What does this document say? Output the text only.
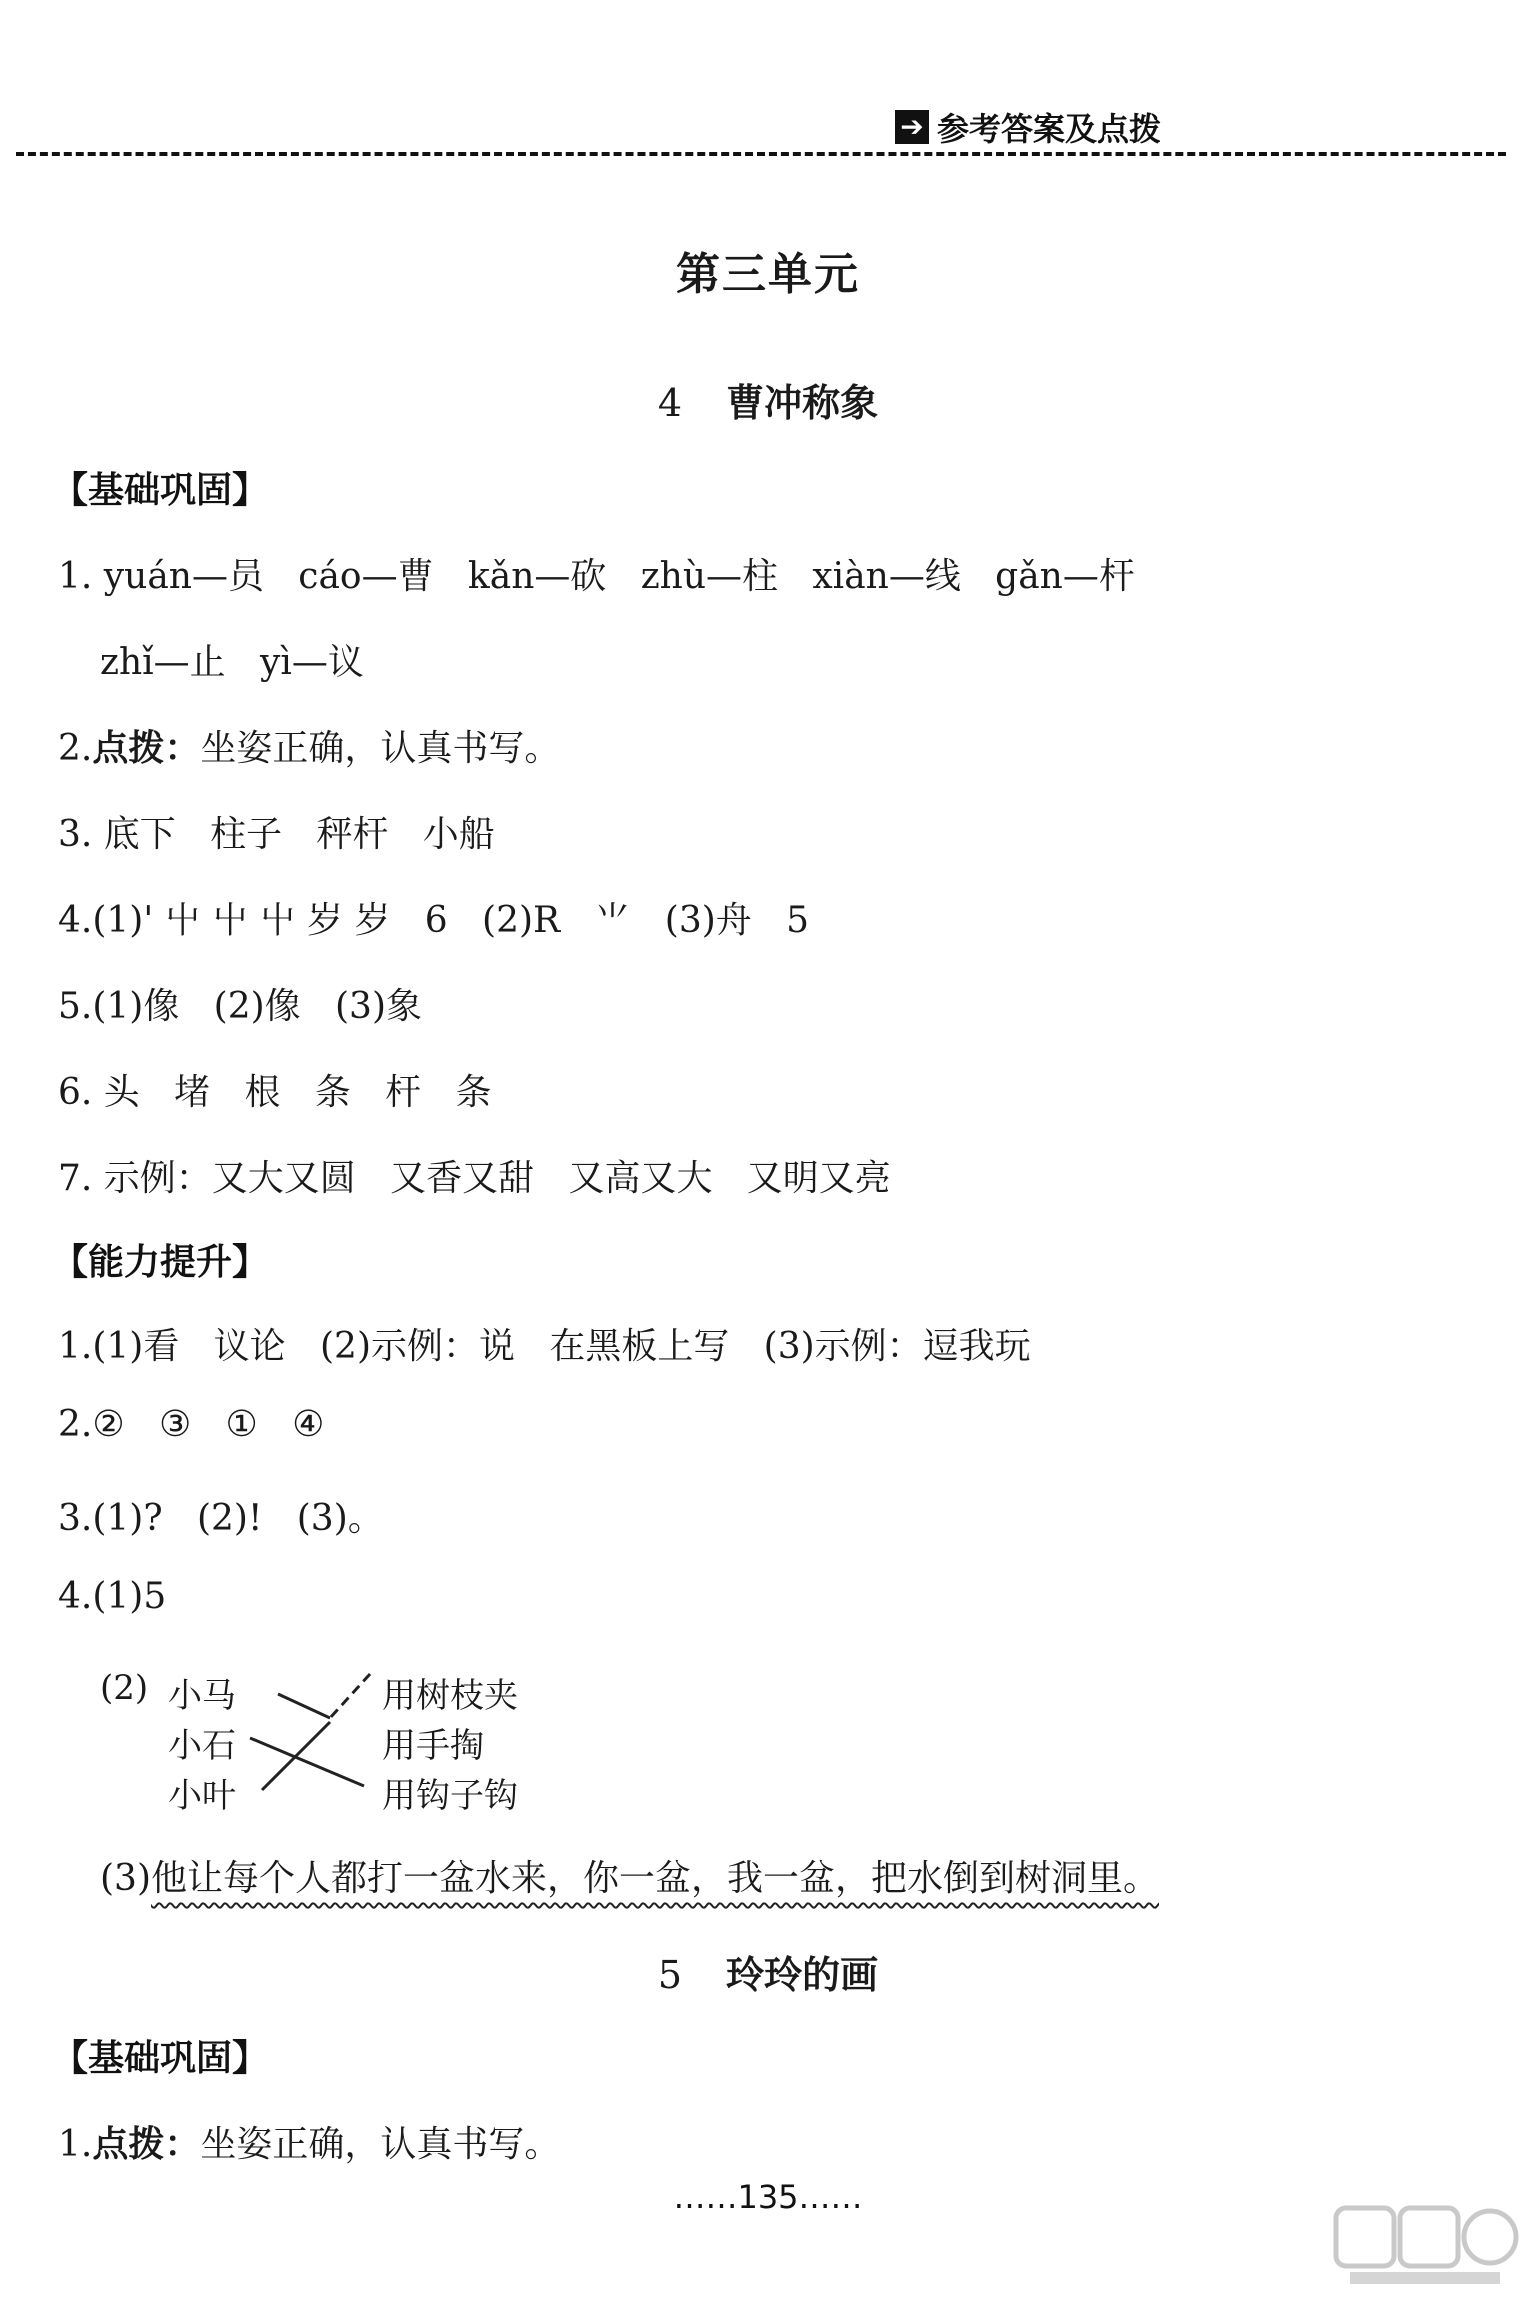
➔ 参考答案及点拨
第三单元
4 曹冲称象
【基础巩固】
1. yuán—员   cáo—曹   kǎn—砍   zhù—柱   xiàn—线   gǎn—杆
zhǐ—止   yì—议
2.点拨：坐姿正确，认真书写。
3. 底下   柱子   秤杆   小船
4.(1)' 屮 屮 屮 岁 岁   6   (2)R   ⺌   (3)舟   5
5.(1)像   (2)像   (3)象
6. 头   堵   根   条   杆   条
7. 示例：又大又圆   又香又甜   又高又大   又明又亮
【能力提升】
1.(1)看   议论   (2)示例：说   在黑板上写   (3)示例：逗我玩
2.②   ③   ①   ④
3.(1)?   (2)!   (3)。
4.(1)5
(2) 小马
小石
小叶
用树枝夹
用手掏
用钩子钩
(3)他让每个人都打一盆水来，你一盆，我一盆，把水倒到树洞里。
5 玲玲的画
【基础巩固】
1.点拨：坐姿正确，认真书写。
……135……
